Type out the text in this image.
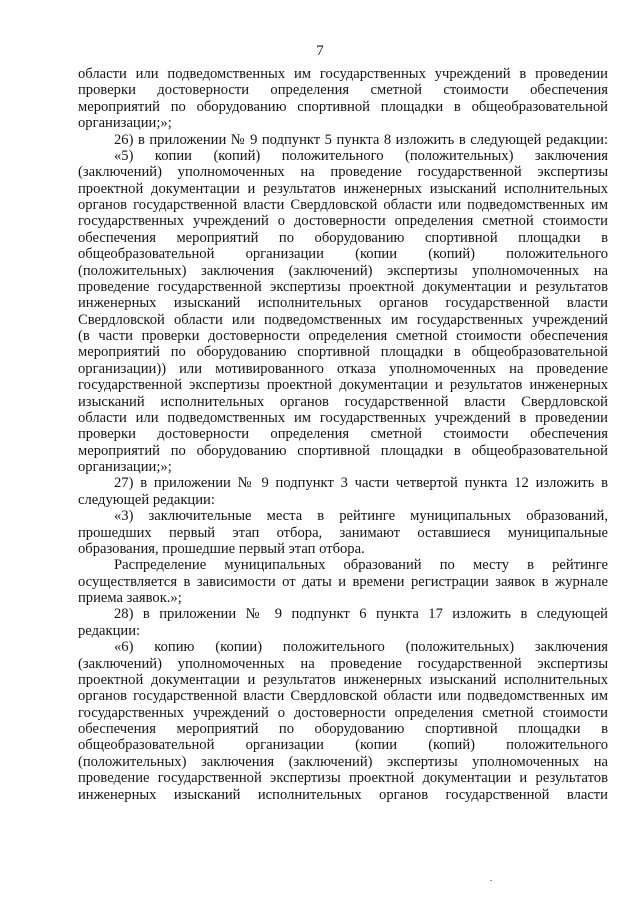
7
области или подведомственных им государственных учреждений в проведении
проверки достоверности определения сметной стоимости обеспечения
мероприятий по оборудованию спортивной площадки в общеобразовательной
организации;»;
26) в приложении № 9 подпункт 5 пункта 8 изложить в следующей редакции:
«5) копии (копий) положительного (положительных) заключения
(заключений) уполномоченных на проведение государственной экспертизы
проектной документации и результатов инженерных изысканий исполнительных
органов государственной власти Свердловской области или подведомственных им
государственных учреждений о достоверности определения сметной стоимости
обеспечения мероприятий по оборудованию спортивной площадки в
общеобразовательной организации (копии (копий) положительного
(положительных) заключения (заключений) экспертизы уполномоченных на
проведение государственной экспертизы проектной документации и результатов
инженерных изысканий исполнительных органов государственной власти
Свердловской области или подведомственных им государственных учреждений
(в части проверки достоверности определения сметной стоимости обеспечения
мероприятий по оборудованию спортивной площадки в общеобразовательной
организации)) или мотивированного отказа уполномоченных на проведение
государственной экспертизы проектной документации и результатов инженерных
изысканий исполнительных органов государственной власти Свердловской
области или подведомственных им государственных учреждений в проведении
проверки достоверности определения сметной стоимости обеспечения
мероприятий по оборудованию спортивной площадки в общеобразовательной
организации;»;
27) в приложении № 9 подпункт 3 части четвертой пункта 12 изложить в
следующей редакции:
«3) заключительные места в рейтинге муниципальных образований,
прошедших первый этап отбора, занимают оставшиеся муниципальные
образования, прошедшие первый этап отбора.
Распределение муниципальных образований по месту в рейтинге
осуществляется в зависимости от даты и времени регистрации заявок в журнале
приема заявок.»;
28) в приложении № 9 подпункт 6 пункта 17 изложить в следующей
редакции:
«6) копию (копии) положительного (положительных) заключения
(заключений) уполномоченных на проведение государственной экспертизы
проектной документации и результатов инженерных изысканий исполнительных
органов государственной власти Свердловской области или подведомственных им
государственных учреждений о достоверности определения сметной стоимости
обеспечения мероприятий по оборудованию спортивной площадки в
общеобразовательной организации (копии (копий) положительного
(положительных) заключения (заключений) экспертизы уполномоченных на
проведение государственной экспертизы проектной документации и результатов
инженерных изысканий исполнительных органов государственной власти
